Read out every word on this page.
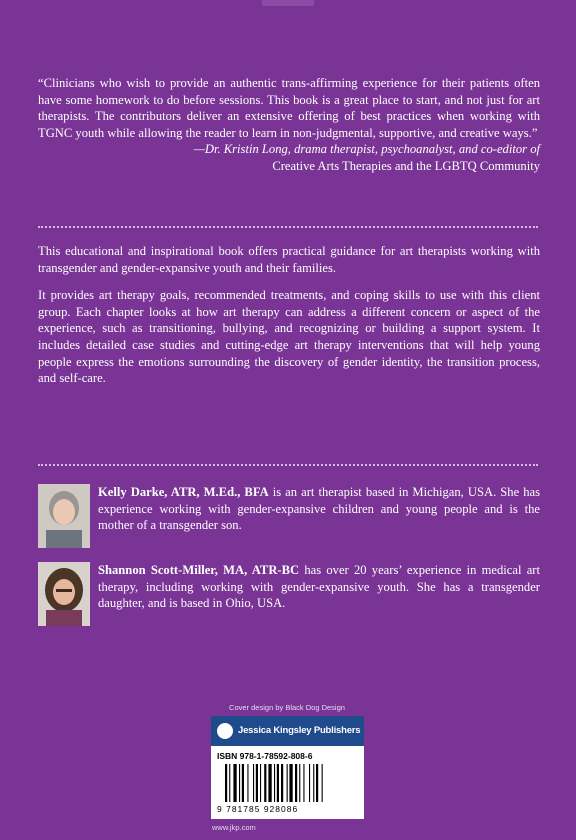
“Clinicians who wish to provide an authentic trans-affirming experience for their patients often have some homework to do before sessions. This book is a great place to start, and not just for art therapists. The contributors deliver an extensive offering of best practices when working with TGNC youth while allowing the reader to learn in non-judgmental, supportive, and creative ways.”

—Dr. Kristin Long, drama therapist, psychoanalyst, and co-editor of

Creative Arts Therapies and the LGBTQ Community

This educational and inspirational book offers practical guidance for art therapists working with transgender and gender-expansive youth and their families.

It provides art therapy goals, recommended treatments, and coping skills to use with this client group. Each chapter looks at how art therapy can address a different concern or aspect of the experience, such as transitioning, bullying, and recognizing or building a support system. It includes detailed case studies and cutting-edge art therapy interventions that will help young people express the emotions surrounding the discovery of gender identity, the transition process, and self-care.

Kelly Darke, ATR, M.Ed., BFA is an art therapist based in Michigan, USA. She has experience working with gender-expansive children and young people and is the mother of a transgender son.
Shannon Scott-Miller, MA, ATR-BC has over 20 years’ experience in medical art therapy, including working with gender-expansive youth. She has a transgender daughter, and is based in Ohio, USA.
Cover design by Black Dog Design
Jessica Kingsley Publishers
ISBN 978-1-78592-808-6
9 781785 928086
www.jkp.com
